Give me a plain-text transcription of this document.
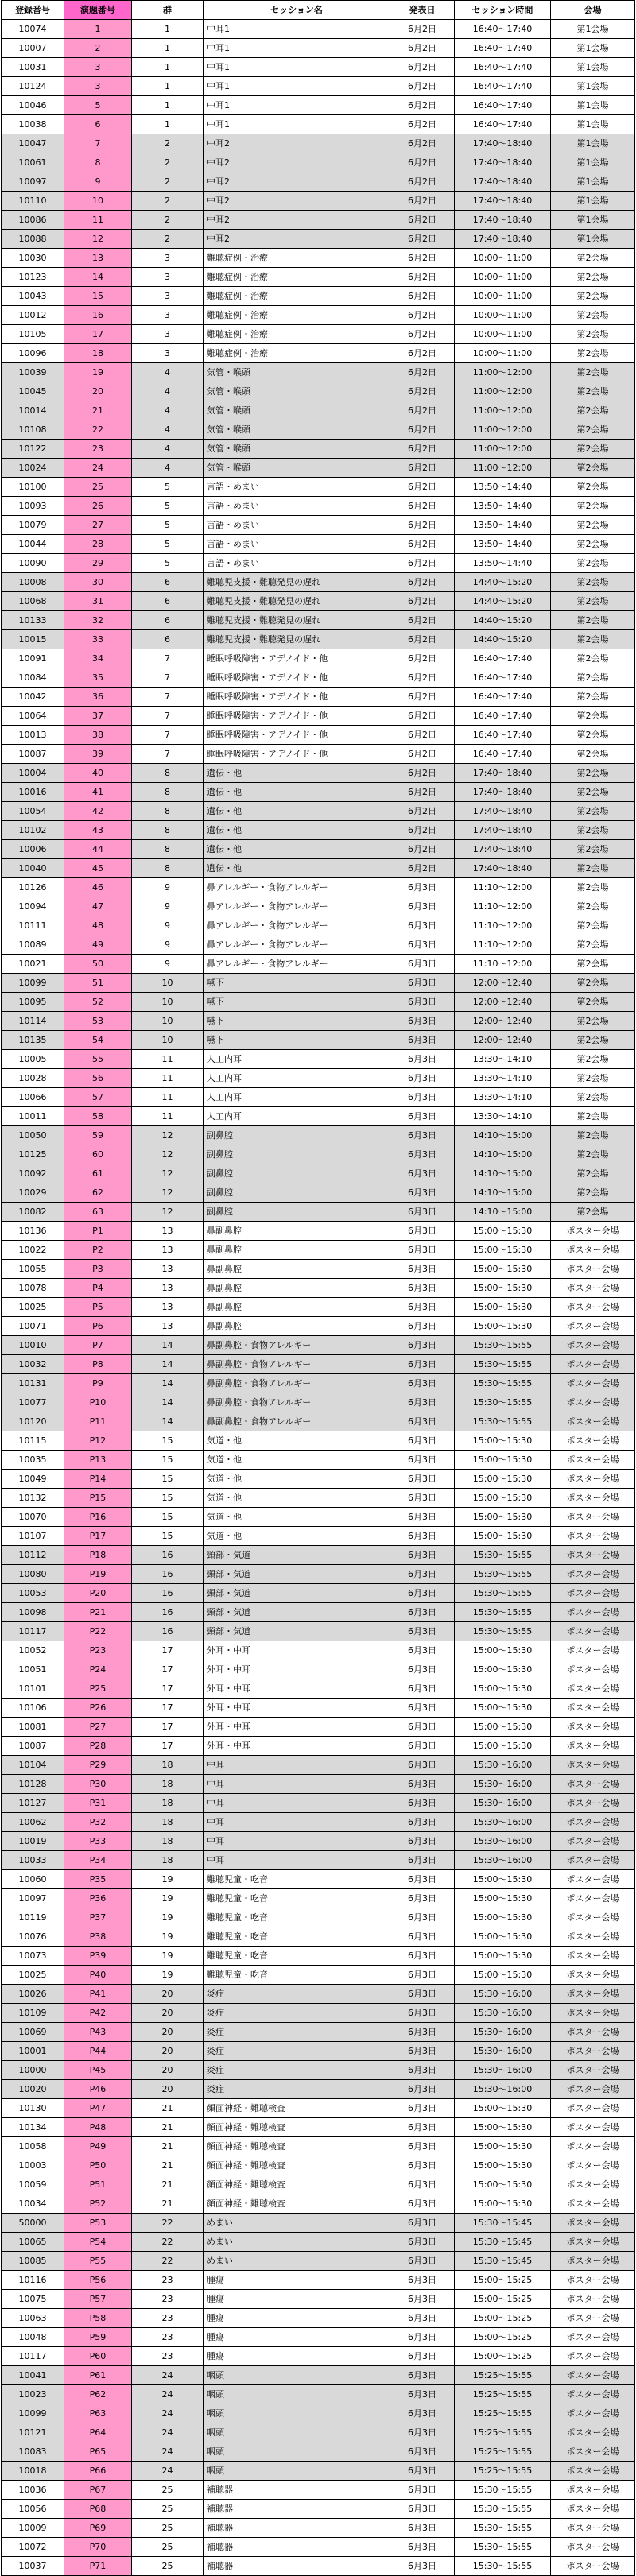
登録番号	演題番号	群	セッション名	発表日	セッション時間	会場
10074	1	1	中耳1	6月2日	16:40～17:40	第1会場
10007	2	1	中耳1	6月2日	16:40～17:40	第1会場
10031	3	1	中耳1	6月2日	16:40～17:40	第1会場
10124	3	1	中耳1	6月2日	16:40～17:40	第1会場
10046	5	1	中耳1	6月2日	16:40～17:40	第1会場
10038	6	1	中耳1	6月2日	16:40～17:40	第1会場
10047	7	2	中耳2	6月2日	17:40～18:40	第1会場
10061	8	2	中耳2	6月2日	17:40～18:40	第1会場
10097	9	2	中耳2	6月2日	17:40～18:40	第1会場
10110	10	2	中耳2	6月2日	17:40～18:40	第1会場
10086	11	2	中耳2	6月2日	17:40～18:40	第1会場
10088	12	2	中耳2	6月2日	17:40～18:40	第1会場
10030	13	3	難聴症例・治療	6月2日	10:00～11:00	第2会場
10123	14	3	難聴症例・治療	6月2日	10:00～11:00	第2会場
10043	15	3	難聴症例・治療	6月2日	10:00～11:00	第2会場
10012	16	3	難聴症例・治療	6月2日	10:00～11:00	第2会場
10105	17	3	難聴症例・治療	6月2日	10:00～11:00	第2会場
10096	18	3	難聴症例・治療	6月2日	10:00～11:00	第2会場
10039	19	4	気管・喉頭	6月2日	11:00～12:00	第2会場
10045	20	4	気管・喉頭	6月2日	11:00～12:00	第2会場
10014	21	4	気管・喉頭	6月2日	11:00～12:00	第2会場
10108	22	4	気管・喉頭	6月2日	11:00～12:00	第2会場
10122	23	4	気管・喉頭	6月2日	11:00～12:00	第2会場
10024	24	4	気管・喉頭	6月2日	11:00～12:00	第2会場
10100	25	5	言語・めまい	6月2日	13:50～14:40	第2会場
10093	26	5	言語・めまい	6月2日	13:50～14:40	第2会場
10079	27	5	言語・めまい	6月2日	13:50～14:40	第2会場
10044	28	5	言語・めまい	6月2日	13:50～14:40	第2会場
10090	29	5	言語・めまい	6月2日	13:50～14:40	第2会場
10008	30	6	難聴児支援・難聴発見の遅れ	6月2日	14:40～15:20	第2会場
10068	31	6	難聴児支援・難聴発見の遅れ	6月2日	14:40～15:20	第2会場
10133	32	6	難聴児支援・難聴発見の遅れ	6月2日	14:40～15:20	第2会場
10015	33	6	難聴児支援・難聴発見の遅れ	6月2日	14:40～15:20	第2会場
10091	34	7	睡眠呼吸障害・アデノイド・他	6月2日	16:40～17:40	第2会場
10084	35	7	睡眠呼吸障害・アデノイド・他	6月2日	16:40～17:40	第2会場
10042	36	7	睡眠呼吸障害・アデノイド・他	6月2日	16:40～17:40	第2会場
10064	37	7	睡眠呼吸障害・アデノイド・他	6月2日	16:40～17:40	第2会場
10013	38	7	睡眠呼吸障害・アデノイド・他	6月2日	16:40～17:40	第2会場
10087	39	7	睡眠呼吸障害・アデノイド・他	6月2日	16:40～17:40	第2会場
10004	40	8	遺伝・他	6月2日	17:40～18:40	第2会場
10016	41	8	遺伝・他	6月2日	17:40～18:40	第2会場
10054	42	8	遺伝・他	6月2日	17:40～18:40	第2会場
10102	43	8	遺伝・他	6月2日	17:40～18:40	第2会場
10006	44	8	遺伝・他	6月2日	17:40～18:40	第2会場
10040	45	8	遺伝・他	6月2日	17:40～18:40	第2会場
10126	46	9	鼻アレルギー・食物アレルギー	6月3日	11:10～12:00	第2会場
10094	47	9	鼻アレルギー・食物アレルギー	6月3日	11:10～12:00	第2会場
10111	48	9	鼻アレルギー・食物アレルギー	6月3日	11:10～12:00	第2会場
10089	49	9	鼻アレルギー・食物アレルギー	6月3日	11:10～12:00	第2会場
10021	50	9	鼻アレルギー・食物アレルギー	6月3日	11:10～12:00	第2会場
10099	51	10	嚥下	6月3日	12:00～12:40	第2会場
10095	52	10	嚥下	6月3日	12:00～12:40	第2会場
10114	53	10	嚥下	6月3日	12:00～12:40	第2会場
10135	54	10	嚥下	6月3日	12:00～12:40	第2会場
10005	55	11	人工内耳	6月3日	13:30～14:10	第2会場
10028	56	11	人工内耳	6月3日	13:30～14:10	第2会場
10066	57	11	人工内耳	6月3日	13:30～14:10	第2会場
10011	58	11	人工内耳	6月3日	13:30～14:10	第2会場
10050	59	12	副鼻腔	6月3日	14:10～15:00	第2会場
10125	60	12	副鼻腔	6月3日	14:10～15:00	第2会場
10092	61	12	副鼻腔	6月3日	14:10～15:00	第2会場
10029	62	12	副鼻腔	6月3日	14:10～15:00	第2会場
10082	63	12	副鼻腔	6月3日	14:10～15:00	第2会場
10136	P1	13	鼻副鼻腔	6月3日	15:00～15:30	ポスター会場
10022	P2	13	鼻副鼻腔	6月3日	15:00～15:30	ポスター会場
10055	P3	13	鼻副鼻腔	6月3日	15:00～15:30	ポスター会場
10078	P4	13	鼻副鼻腔	6月3日	15:00～15:30	ポスター会場
10025	P5	13	鼻副鼻腔	6月3日	15:00～15:30	ポスター会場
10071	P6	13	鼻副鼻腔	6月3日	15:00～15:30	ポスター会場
10010	P7	14	鼻副鼻腔・食物アレルギー	6月3日	15:30～15:55	ポスター会場
10032	P8	14	鼻副鼻腔・食物アレルギー	6月3日	15:30～15:55	ポスター会場
10131	P9	14	鼻副鼻腔・食物アレルギー	6月3日	15:30～15:55	ポスター会場
10077	P10	14	鼻副鼻腔・食物アレルギー	6月3日	15:30～15:55	ポスター会場
10120	P11	14	鼻副鼻腔・食物アレルギー	6月3日	15:30～15:55	ポスター会場
10115	P12	15	気道・他	6月3日	15:00～15:30	ポスター会場
10035	P13	15	気道・他	6月3日	15:00～15:30	ポスター会場
10049	P14	15	気道・他	6月3日	15:00～15:30	ポスター会場
10132	P15	15	気道・他	6月3日	15:00～15:30	ポスター会場
10070	P16	15	気道・他	6月3日	15:00～15:30	ポスター会場
10107	P17	15	気道・他	6月3日	15:00～15:30	ポスター会場
10112	P18	16	頸部・気道	6月3日	15:30～15:55	ポスター会場
10080	P19	16	頸部・気道	6月3日	15:30～15:55	ポスター会場
10053	P20	16	頸部・気道	6月3日	15:30～15:55	ポスター会場
10098	P21	16	頸部・気道	6月3日	15:30～15:55	ポスター会場
10117	P22	16	頸部・気道	6月3日	15:30～15:55	ポスター会場
10052	P23	17	外耳・中耳	6月3日	15:00～15:30	ポスター会場
10051	P24	17	外耳・中耳	6月3日	15:00～15:30	ポスター会場
10101	P25	17	外耳・中耳	6月3日	15:00～15:30	ポスター会場
10106	P26	17	外耳・中耳	6月3日	15:00～15:30	ポスター会場
10081	P27	17	外耳・中耳	6月3日	15:00～15:30	ポスター会場
10087	P28	17	外耳・中耳	6月3日	15:00～15:30	ポスター会場
10104	P29	18	中耳	6月3日	15:30～16:00	ポスター会場
10128	P30	18	中耳	6月3日	15:30～16:00	ポスター会場
10127	P31	18	中耳	6月3日	15:30～16:00	ポスター会場
10062	P32	18	中耳	6月3日	15:30～16:00	ポスター会場
10019	P33	18	中耳	6月3日	15:30～16:00	ポスター会場
10033	P34	18	中耳	6月3日	15:30～16:00	ポスター会場
10060	P35	19	難聴児童・吃音	6月3日	15:00～15:30	ポスター会場
10097	P36	19	難聴児童・吃音	6月3日	15:00～15:30	ポスター会場
10119	P37	19	難聴児童・吃音	6月3日	15:00～15:30	ポスター会場
10076	P38	19	難聴児童・吃音	6月3日	15:00～15:30	ポスター会場
10073	P39	19	難聴児童・吃音	6月3日	15:00～15:30	ポスター会場
10025	P40	19	難聴児童・吃音	6月3日	15:00～15:30	ポスター会場
10026	P41	20	炎症	6月3日	15:30～16:00	ポスター会場
10109	P42	20	炎症	6月3日	15:30～16:00	ポスター会場
10069	P43	20	炎症	6月3日	15:30～16:00	ポスター会場
10001	P44	20	炎症	6月3日	15:30～16:00	ポスター会場
10000	P45	20	炎症	6月3日	15:30～16:00	ポスター会場
10020	P46	20	炎症	6月3日	15:30～16:00	ポスター会場
10130	P47	21	顔面神経・難聴検査	6月3日	15:00～15:30	ポスター会場
10134	P48	21	顔面神経・難聴検査	6月3日	15:00～15:30	ポスター会場
10058	P49	21	顔面神経・難聴検査	6月3日	15:00～15:30	ポスター会場
10003	P50	21	顔面神経・難聴検査	6月3日	15:00～15:30	ポスター会場
10059	P51	21	顔面神経・難聴検査	6月3日	15:00～15:30	ポスター会場
10034	P52	21	顔面神経・難聴検査	6月3日	15:00～15:30	ポスター会場
50000	P53	22	めまい	6月3日	15:30～15:45	ポスター会場
10065	P54	22	めまい	6月3日	15:30～15:45	ポスター会場
10085	P55	22	めまい	6月3日	15:30～15:45	ポスター会場
10116	P56	23	腫瘍	6月3日	15:00～15:25	ポスター会場
10075	P57	23	腫瘍	6月3日	15:00～15:25	ポスター会場
10063	P58	23	腫瘍	6月3日	15:00～15:25	ポスター会場
10048	P59	23	腫瘍	6月3日	15:00～15:25	ポスター会場
10117	P60	23	腫瘍	6月3日	15:00～15:25	ポスター会場
10041	P61	24	咽頭	6月3日	15:25～15:55	ポスター会場
10023	P62	24	咽頭	6月3日	15:25～15:55	ポスター会場
10099	P63	24	咽頭	6月3日	15:25～15:55	ポスター会場
10121	P64	24	咽頭	6月3日	15:25～15:55	ポスター会場
10083	P65	24	咽頭	6月3日	15:25～15:55	ポスター会場
10018	P66	24	咽頭	6月3日	15:25～15:55	ポスター会場
10036	P67	25	補聴器	6月3日	15:30～15:55	ポスター会場
10056	P68	25	補聴器	6月3日	15:30～15:55	ポスター会場
10009	P69	25	補聴器	6月3日	15:30～15:55	ポスター会場
10072	P70	25	補聴器	6月3日	15:30～15:55	ポスター会場
10037	P71	25	補聴器	6月3日	15:30～15:55	ポスター会場
